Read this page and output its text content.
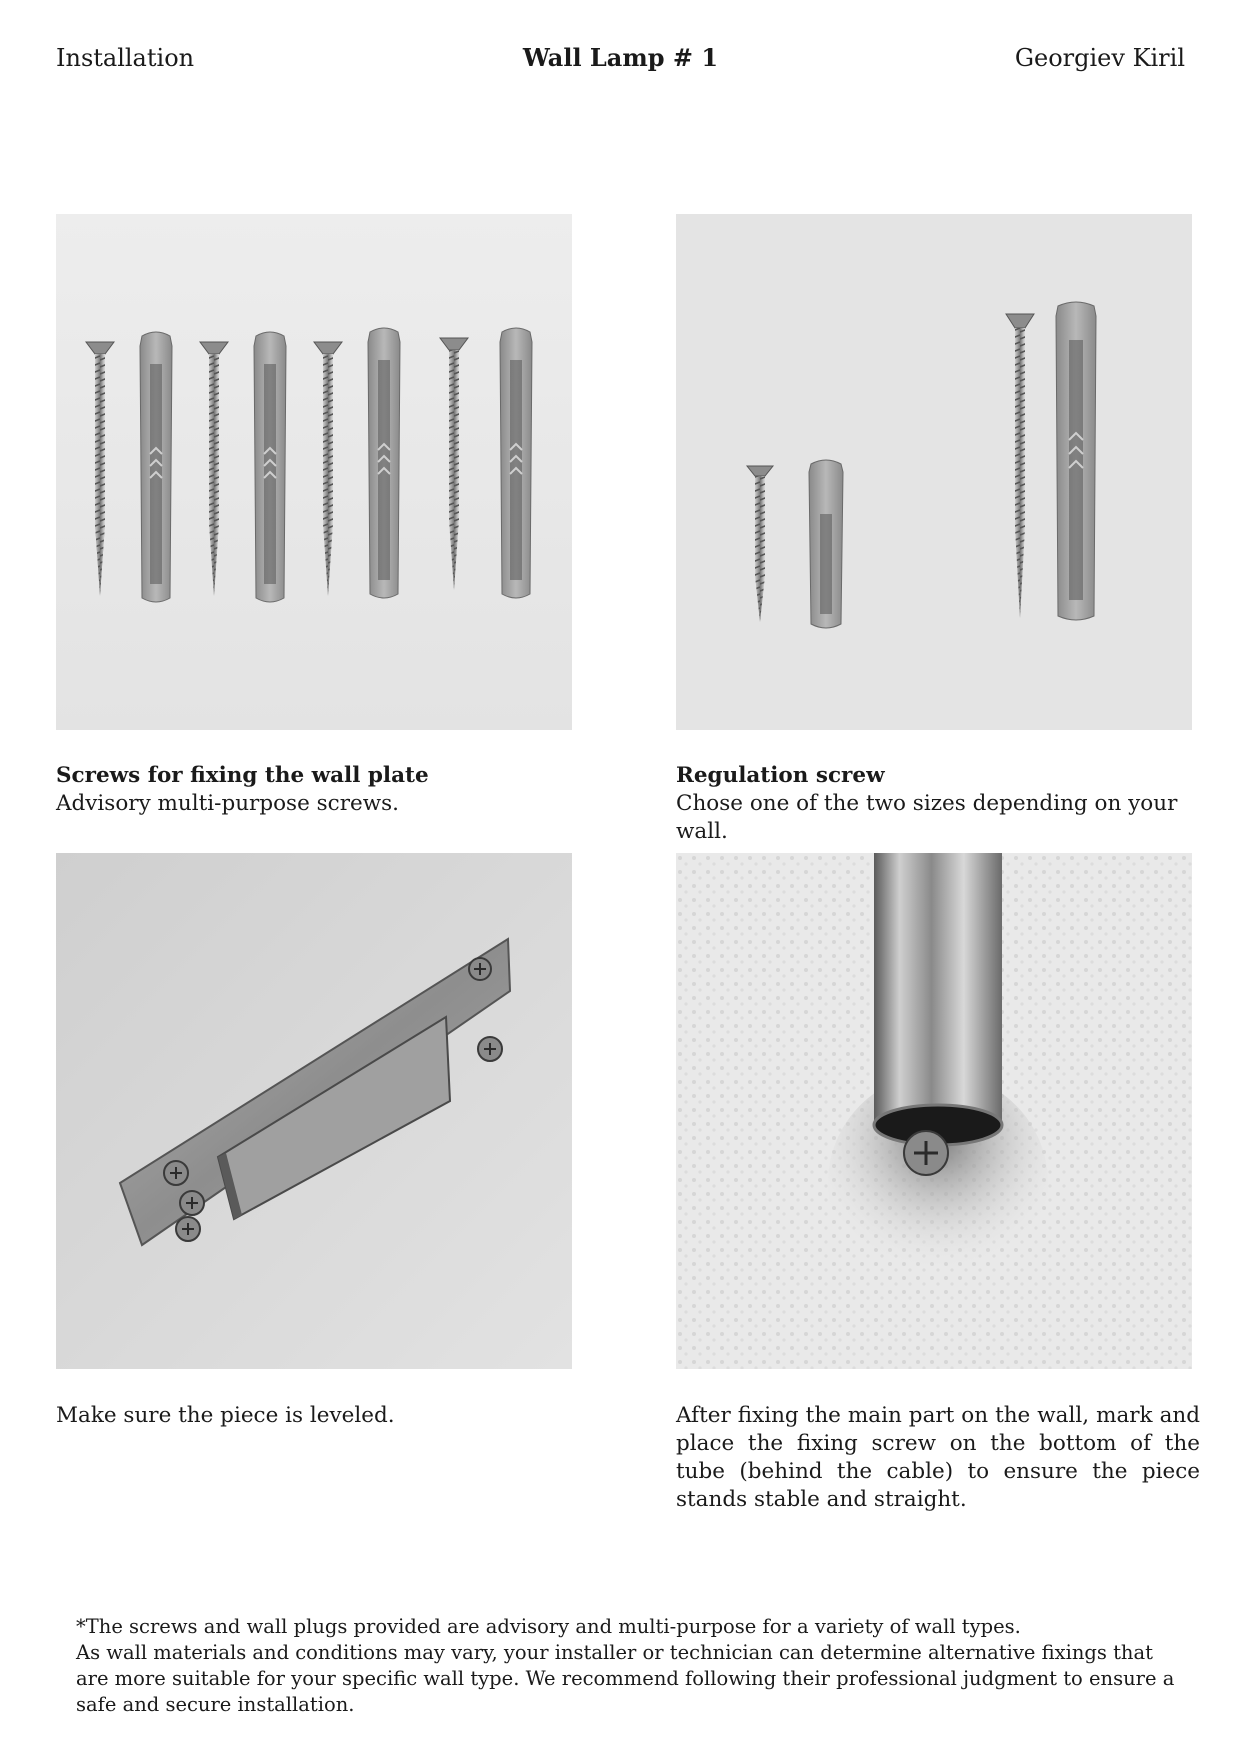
Installation	Wall Lamp # 1	Georgiev Kiril
Screws for fixing the wall plate
Advisory multi-purpose screws.
Regulation screw
Chose one of the two sizes depending on your wall.
Make sure the piece is leveled.	After fixing the main part on the wall, mark and place the fixing screw on the bottom of the tube (behind the cable) to ensure the piece stands stable and straight.
*The screws and wall plugs provided are advisory and multi-purpose for a variety of wall types.
As wall materials and conditions may vary, your installer or technician can determine alternative fixings that are more suitable for your specific wall type. We recommend following their professional judgment to ensure a safe and secure installation.
